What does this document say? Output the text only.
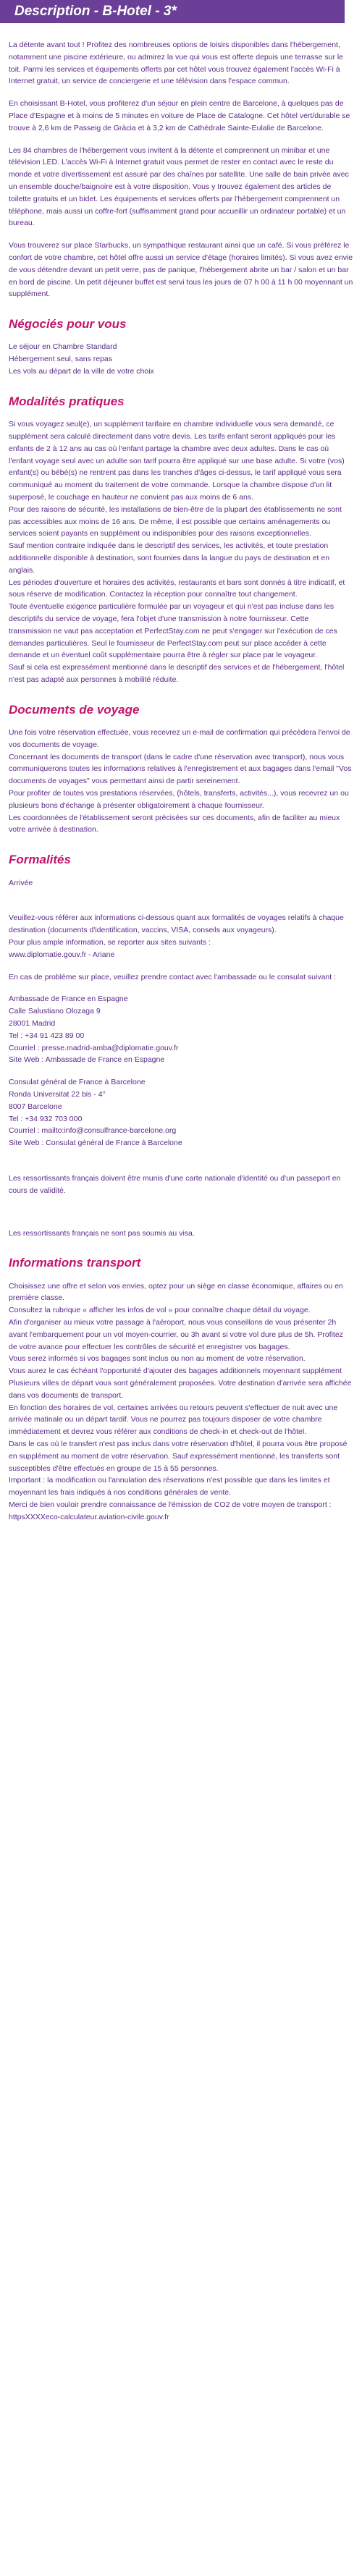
Description - B-Hotel - 3*

La détente avant tout ! Profitez des nombreuses options de loisirs disponibles dans l'hébergement, notamment une piscine extérieure, ou admirez la vue qui vous est offerte depuis une terrasse sur le toit. Parmi les services et équipements offerts par cet hôtel vous trouvez également l'accès Wi-Fi à Internet gratuit, un service de conciergerie et une télévision dans l'espace commun.

En choisissant B-Hotel, vous profiterez d'un séjour en plein centre de Barcelone, à quelques pas de Place d'Espagne et à moins de 5 minutes en voiture de Place de Catalogne. Cet hôtel vert/durable se trouve à 2,6 km de Passeig de Gràcia et à 3,2 km de Cathédrale Sainte-Eulalie de Barcelone.

Les 84 chambres de l'hébergement vous invitent à la détente et comprennent un minibar et une télévision LED. L'accès Wi-Fi à Internet gratuit vous permet de rester en contact avec le reste du monde et votre divertissement est assuré par des chaînes par satellite. Une salle de bain privée avec un ensemble douche/baignoire est à votre disposition. Vous y trouvez également des articles de toilette gratuits et un bidet. Les équipements et services offerts par l'hébergement comprennent un téléphone, mais aussi un coffre-fort (suffisamment grand pour accueillir un ordinateur portable) et un bureau.

Vous trouverez sur place Starbucks, un sympathique restaurant ainsi que un café. Si vous préférez le confort de votre chambre, cet hôtel offre aussi un service d'étage (horaires limités). Si vous avez envie de vous détendre devant un petit verre, pas de panique, l'hébergement abrite un bar / salon et un bar en bord de piscine. Un petit déjeuner buffet est servi tous les jours de 07 h 00 à 11 h 00 moyennant un supplément.

Négociés pour vous

Le séjour en Chambre Standard

Hébergement seul, sans repas

Les vols au départ de la ville de votre choix

Modalités pratiques

Si vous voyagez seul(e), un supplément tarifaire en chambre individuelle vous sera demandé, ce supplément sera calculé directement dans votre devis. Les tarifs enfant seront appliqués pour les enfants de 2 à 12 ans au cas où l'enfant partage la chambre avec deux adultes. Dans le cas où l'enfant voyage seul avec un adulte son tarif pourra être appliqué sur une base adulte. Si votre (vos) enfant(s) ou bébé(s) ne rentrent pas dans les tranches d'âges ci-dessus, le tarif appliqué vous sera communiqué au moment du traitement de votre commande. Lorsque la chambre dispose d'un lit superposé, le couchage en hauteur ne convient pas aux moins de 6 ans.

Pour des raisons de sécurité, les installations de bien-être de la plupart des établissements ne sont pas accessibles aux moins de 16 ans. De même, il est possible que certains aménagements ou services soient payants en supplément ou indisponibles pour des raisons exceptionnelles.

Sauf mention contraire indiquée dans le descriptif des services, les activités, et toute prestation additionnelle disponible à destination, sont fournies dans la langue du pays de destination et en anglais.

Les périodes d'ouverture et horaires des activités, restaurants et bars sont donnés à titre indicatif, et sous réserve de modification. Contactez la réception pour connaître tout changement.

Toute éventuelle exigence particulière formulée par un voyageur et qui n'est pas incluse dans les descriptifs du service de voyage, fera l'objet d'une transmission à notre fournisseur. Cette transmission ne vaut pas acceptation et PerfectStay.com ne peut s'engager sur l'exécution de ces demandes particulières. Seul le fournisseur de PerfectStay.com peut sur place accéder à cette demande et un éventuel coût supplémentaire pourra être à régler sur place par le voyageur.

Sauf si cela est expressément mentionné dans le descriptif des services et de l'hébergement, l'hôtel n'est pas adapté aux personnes à mobilité réduite.

Documents de voyage

Une fois votre réservation effectuée, vous recevrez un e-mail de confirmation qui précèdera l'envoi de vos documents de voyage.

Concernant les documents de transport (dans le cadre d'une réservation avec transport), nous vous communiquerons toutes les informations relatives à l'enregistrement et aux bagages dans l'email "Vos documents de voyages" vous permettant ainsi de partir sereinement.

Pour profiter de toutes vos prestations réservées, (hôtels, transferts, activités...), vous recevrez un ou plusieurs bons d'échange à présenter obligatoirement à chaque fournisseur.

Les coordonnées de l'établissement seront précisées sur ces documents, afin de faciliter au mieux votre arrivée à destination.

Formalités

Arrivée

Veuillez-vous référer aux informations ci-dessous quant aux formalités de voyages relatifs à chaque destination (documents d'identification, vaccins, VISA, conseils aux voyageurs).

Pour plus ample information, se reporter aux sites suivants :

www.diplomatie.gouv.fr - Ariane

En cas de problème sur place, veuillez prendre contact avec l'ambassade ou le consulat suivant :

Ambassade de France en Espagne

Calle Salustiano Olozaga 9

28001 Madrid

Tel : +34 91 423 89 00

Courriel : presse.madrid-amba@diplomatie.gouv.fr

Site Web : Ambassade de France en Espagne

Consulat général de France à Barcelone

Ronda Universitat 22 bis - 4°

8007 Barcelone

Tel : +34 932 703 000

Courriel : mailto:info@consulfrance-barcelone.org

Site Web : Consulat général de France à Barcelone

Les ressortissants français doivent être munis d'une carte nationale d'identité ou d'un passeport en cours de validité.

Les ressortissants français ne sont pas soumis au visa.

Informations transport

Choisissez une offre et selon vos envies, optez pour un siège en classe économique, affaires ou en première classe.

Consultez la rubrique « afficher les infos de vol » pour connaître chaque détail du voyage.

Afin d'organiser au mieux votre passage à l'aéroport, nous vous conseillons de vous présenter 2h avant l'embarquement pour un vol moyen-courrier, ou 3h avant si votre vol dure plus de 5h. Profitez de votre avance pour effectuer les contrôles de sécurité et enregistrer vos bagages.

Vous serez informés si vos bagages sont inclus ou non au moment de votre réservation.

Vous aurez le cas échéant l'opportunité d'ajouter des bagages additionnels moyennant supplément

Plusieurs villes de départ vous sont généralement proposées. Votre destination d'arrivée sera affichée dans vos documents de transport.

En fonction des horaires de vol, certaines arrivées ou retours peuvent s'effectuer de nuit avec une arrivée matinale ou un départ tardif. Vous ne pourrez pas toujours disposer de votre chambre immédiatement et devrez vous référer aux conditions de check-in et check-out de l'hôtel.

Dans le cas où le transfert n'est pas inclus dans votre réservation d'hôtel, il pourra vous être proposé en supplément au moment de votre réservation. Sauf expressément mentionné, les transferts sont susceptibles d'être effectués en groupe de 15 à 55 personnes.

Important : la modification ou l'annulation des réservations n'est possible que dans les limites et moyennant les frais indiqués à nos conditions générales de vente.

Merci de bien vouloir prendre connaissance de l'émission de CO2 de votre moyen de transport : httpsXXXXeco-calculateur.aviation-civile.gouv.fr
